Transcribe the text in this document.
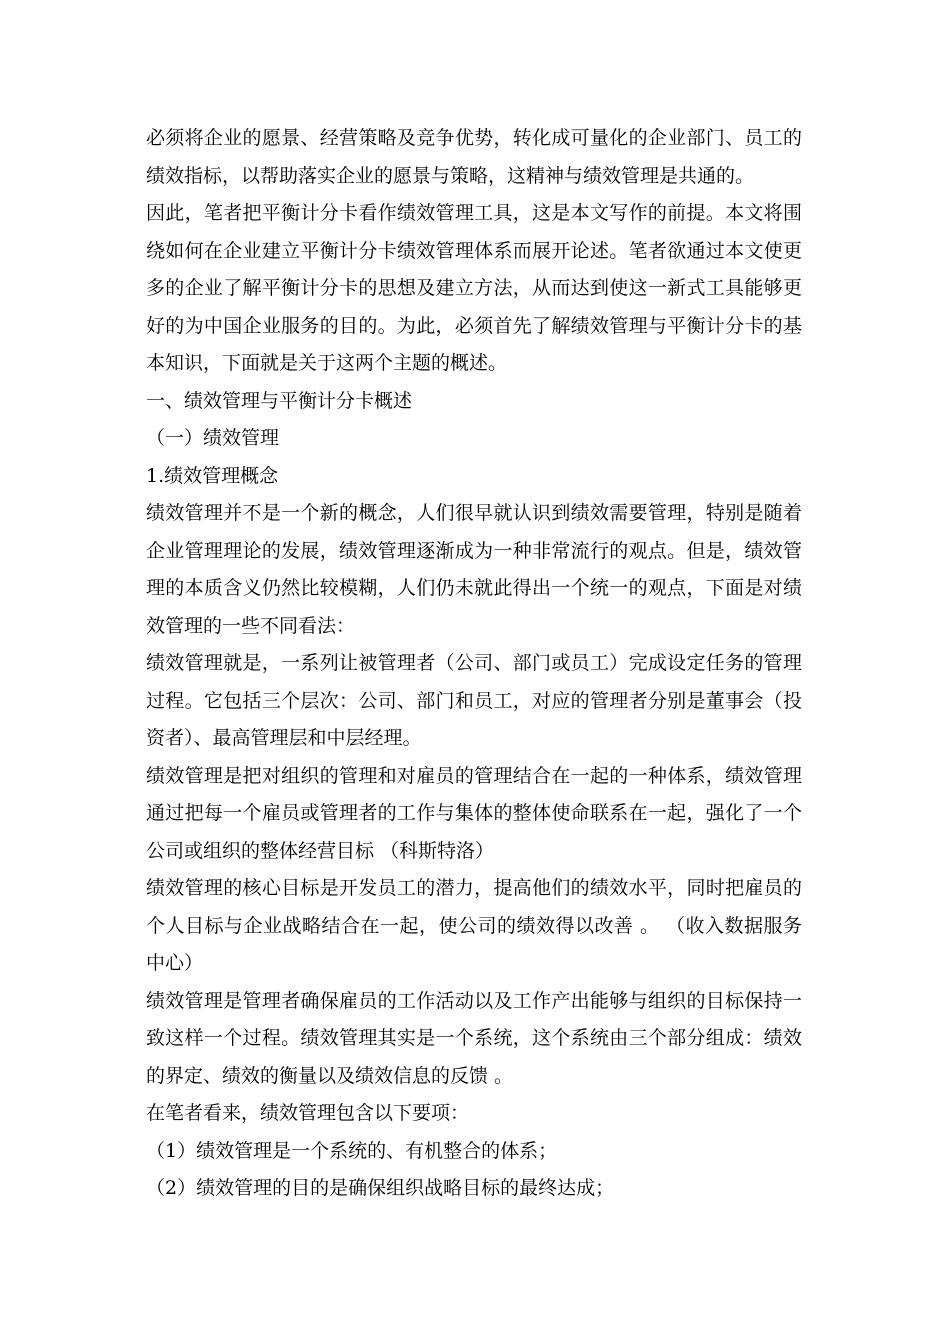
必须将企业的愿景、经营策略及竞争优势，转化成可量化的企业部门、员工的绩效指标，以帮助落实企业的愿景与策略，这精神与绩效管理是共通的。

因此，笔者把平衡计分卡看作绩效管理工具，这是本文写作的前提。本文将围绕如何在企业建立平衡计分卡绩效管理体系而展开论述。笔者欲通过本文使更多的企业了解平衡计分卡的思想及建立方法，从而达到使这一新式工具能够更好的为中国企业服务的目的。为此，必须首先了解绩效管理与平衡计分卡的基本知识，下面就是关于这两个主题的概述。

一、绩效管理与平衡计分卡概述

（一）绩效管理

1.绩效管理概念

绩效管理并不是一个新的概念，人们很早就认识到绩效需要管理，特别是随着企业管理理论的发展，绩效管理逐渐成为一种非常流行的观点。但是，绩效管理的本质含义仍然比较模糊，人们仍未就此得出一个统一的观点，下面是对绩效管理的一些不同看法：

绩效管理就是，一系列让被管理者（公司、部门或员工）完成设定任务的管理过程。它包括三个层次：公司、部门和员工，对应的管理者分别是董事会（投资者）、最高管理层和中层经理。

绩效管理是把对组织的管理和对雇员的管理结合在一起的一种体系，绩效管理通过把每一个雇员或管理者的工作与集体的整体使命联系在一起，强化了一个公司或组织的整体经营目标 （科斯特洛）

绩效管理的核心目标是开发员工的潜力，提高他们的绩效水平，同时把雇员的个人目标与企业战略结合在一起，使公司的绩效得以改善 。 （收入数据服务中心）

绩效管理是管理者确保雇员的工作活动以及工作产出能够与组织的目标保持一致这样一个过程。绩效管理其实是一个系统，这个系统由三个部分组成：绩效的界定、绩效的衡量以及绩效信息的反馈 。

在笔者看来，绩效管理包含以下要项：

（1）绩效管理是一个系统的、有机整合的体系；

（2）绩效管理的目的是确保组织战略目标的最终达成；
